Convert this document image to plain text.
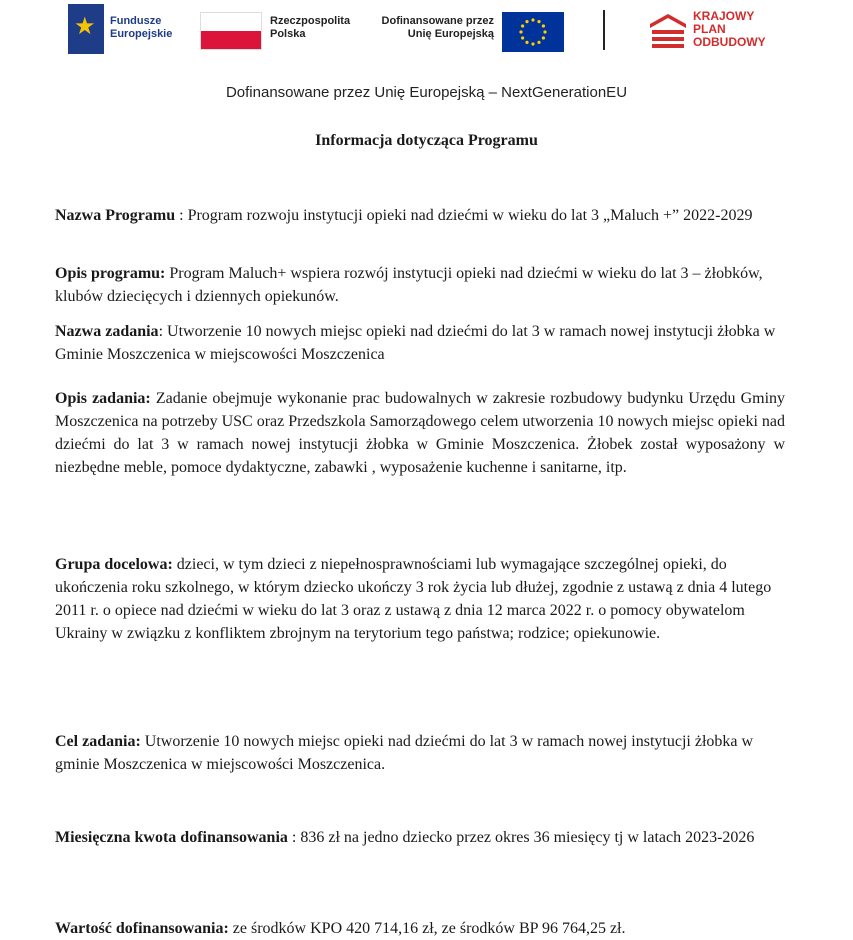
★ Fundusze
Europejskie
Rzeczpospolita
Polska
Dofinansowane przez
Unię Europejską
KRAJOWY
PLAN
ODBUDOWY
Dofinansowane przez Unię Europejską – NextGenerationEU
Informacja dotycząca Programu
Nazwa Programu : Program rozwoju instytucji opieki nad dziećmi w wieku do lat 3 „Maluch +” 2022-2029
Opis programu: Program Maluch+ wspiera rozwój instytucji opieki nad dziećmi w wieku do lat 3 – żłobków, klubów dziecięcych i dziennych opiekunów.
Nazwa zadania: Utworzenie 10 nowych miejsc opieki nad dziećmi do lat 3 w ramach nowej instytucji żłobka w Gminie Moszczenica w miejscowości Moszczenica
Opis zadania: Zadanie obejmuje wykonanie prac budowalnych w zakresie rozbudowy budynku Urzędu Gminy Moszczenica na potrzeby USC oraz Przedszkola Samorządowego celem utworzenia 10 nowych miejsc opieki nad dziećmi do lat 3 w ramach nowej instytucji żłobka w Gminie Moszczenica. Żłobek został wyposażony w niezbędne meble, pomoce dydaktyczne, zabawki , wyposażenie kuchenne i sanitarne, itp.
Grupa docelowa: dzieci, w tym dzieci z niepełnosprawnościami lub wymagające szczególnej opieki, do ukończenia roku szkolnego, w którym dziecko ukończy 3 rok życia lub dłużej, zgodnie z ustawą z dnia 4 lutego 2011 r. o opiece nad dziećmi w wieku do lat 3 oraz z ustawą z dnia 12 marca 2022 r. o pomocy obywatelom Ukrainy w związku z konfliktem zbrojnym na terytorium tego państwa; rodzice; opiekunowie.
Cel zadania: Utworzenie 10 nowych miejsc opieki nad dziećmi do lat 3 w ramach nowej instytucji żłobka w gminie Moszczenica w miejscowości Moszczenica.
Miesięczna kwota dofinansowania : 836 zł na jedno dziecko przez okres 36 miesięcy tj w latach 2023-2026
Wartość dofinansowania: ze środków KPO 420 714,16 zł, ze środków BP 96 764,25 zł.
